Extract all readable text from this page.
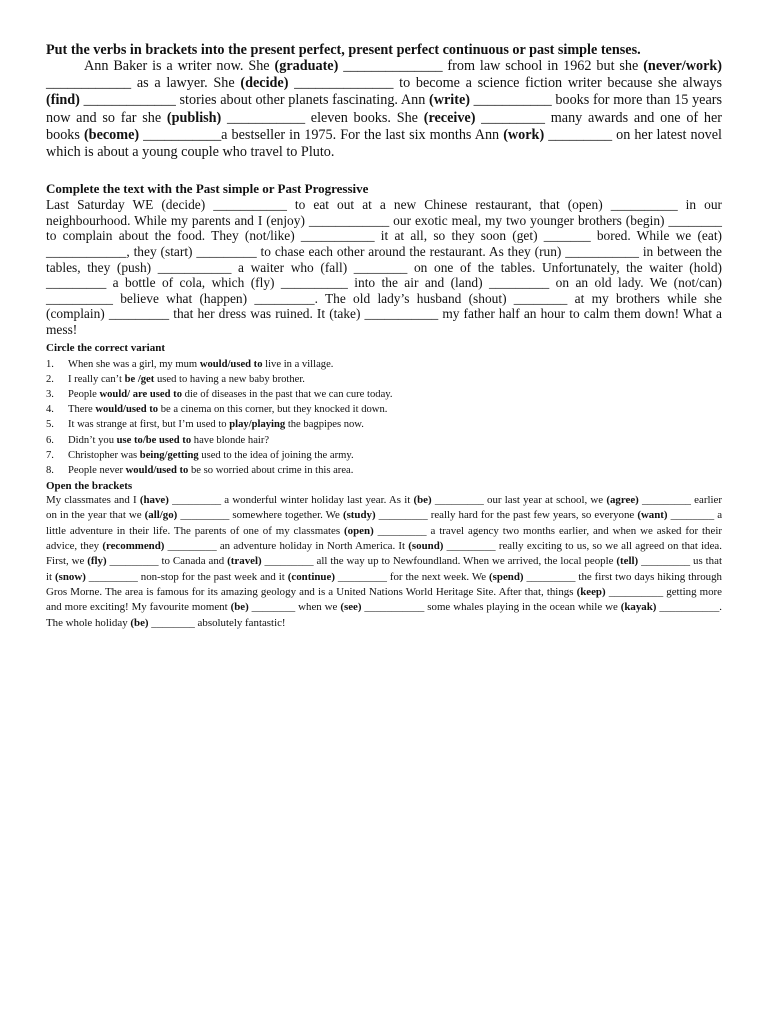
Put the verbs in brackets into the present perfect, present perfect continuous or past simple tenses.

Ann Baker is a writer now. She (graduate) ______________ from law school in 1962 but she (never/work) ____________ as a lawyer. She (decide) ______________ to become a science fiction writer because she always (find) _____________ stories about other planets fascinating. Ann (write) ___________ books for more than 15 years now and so far she (publish) ___________ eleven books. She (receive) _________ many awards and one of her books (become) ___________a bestseller in 1975. For the last six months Ann (work) _________ on her latest novel which is about a young couple who travel to Pluto.

Complete the text with the Past simple or Past Progressive

Last Saturday WE (decide) ___________ to eat out at a new Chinese restaurant, that (open) __________ in our neighbourhood. While my parents and I (enjoy) ____________ our exotic meal, my two younger brothers (begin) ________ to complain about the food. They (not/like) ___________ it at all, so they soon (get) _______ bored. While we (eat) ____________, they (start) _________ to chase each other around the restaurant. As they (run) ___________ in between the tables, they (push) ___________ a waiter who (fall) ________ on one of the tables. Unfortunately, the waiter (hold) _________ a bottle of cola, which (fly) __________ into the air and (land) _________ on an old lady. We (not/can) __________ believe what (happen) _________. The old lady’s husband (shout) ________ at my brothers while she (complain) _________ that her dress was ruined. It (take) ___________ my father half an hour to calm them down! What a mess!

Circle the correct variant
1.	When she was a girl, my mum would/used to live in a village.
2.	I really can’t be /get used to having a new baby brother.
3.	People would/ are used to die of diseases in the past that we can cure today.
4.	There would/used to be a cinema on this corner, but they knocked it down.
5.	It was strange at first, but I’m used to play/playing the bagpipes now.
6.	Didn’t you use to/be used to have blonde hair?
7.	Christopher was being/getting used to the idea of joining the army.
8.	People never would/used to be so worried about crime in this area.
Open the brackets

My classmates and I (have) _________ a wonderful winter holiday last year. As it (be) _________ our last year at school, we (agree) _________ earlier on in the year that we (all/go) _________ somewhere together. We (study) _________ really hard for the past few years, so everyone (want) ________ a little adventure in their life. The parents of one of my classmates (open) _________ a travel agency two months earlier, and when we asked for their advice, they (recommend) _________ an adventure holiday in North America. It (sound) _________ really exciting to us, so we all agreed on that idea. First, we (fly) _________ to Canada and (travel) _________ all the way up to Newfoundland. When we arrived, the local people (tell) _________ us that it (snow) _________ non-stop for the past week and it (continue) _________ for the next week. We (spend) _________ the first two days hiking through Gros Morne. The area is famous for its amazing geology and is a United Nations World Heritage Site. After that, things (keep) __________ getting more and more exciting! My favourite moment (be) ________ when we (see) ___________ some whales playing in the ocean while we (kayak) ___________. The whole holiday (be) ________ absolutely fantastic!
